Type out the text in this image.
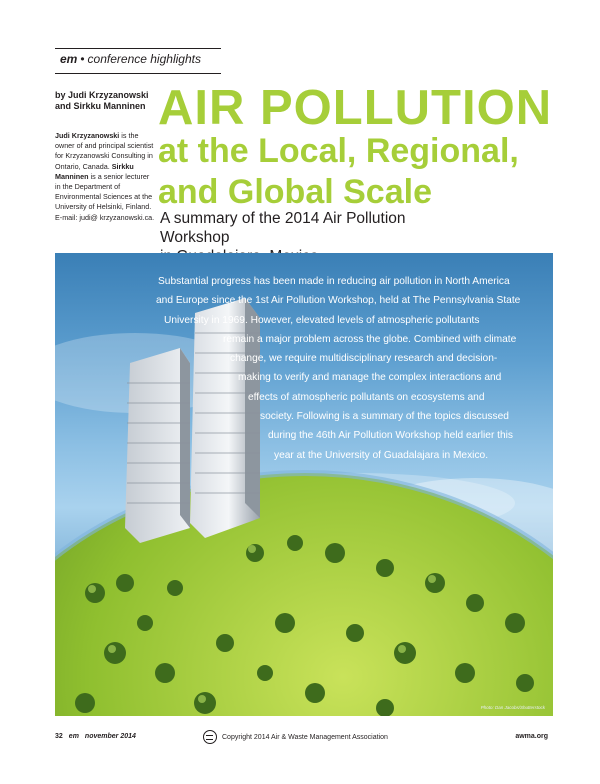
em • conference highlights
by Judi Krzyzanowski
and Sirkku Manninen
Judi Krzyzanowski is the owner of and principal scientist for Krzyzanowski Consulting in Ontario, Canada. Sirkku Manninen is a senior lecturer in the Department of Environmental Sciences at the University of Helsinki, Finland. E-mail: judi@ krzyzanowski.ca.
AIR POLLUTION
at the Local, Regional,
and Global Scale
A summary of the 2014 Air Pollution Workshop
Substantial progress has been made in reducing air pollution in North America
and Europe since the 1st Air Pollution Workshop, held at The Pennsylvania State
University in 1969. However, elevated levels of atmospheric pollutants
remain a major problem across the globe. Combined with climate
change, we require multidisciplinary research and decision-
making to verify and manage the complex interactions and
effects of atmospheric pollutants on ecosystems and
society. Following is a summary of the topics discussed
during the 46th Air Pollution Workshop held earlier this
year at the University of Guadalajara in Mexico.
Photo: Dan Jacobs/Shutterstock
32 em november 2014	Copyright 2014 Air & Waste Management Association	awma.org
